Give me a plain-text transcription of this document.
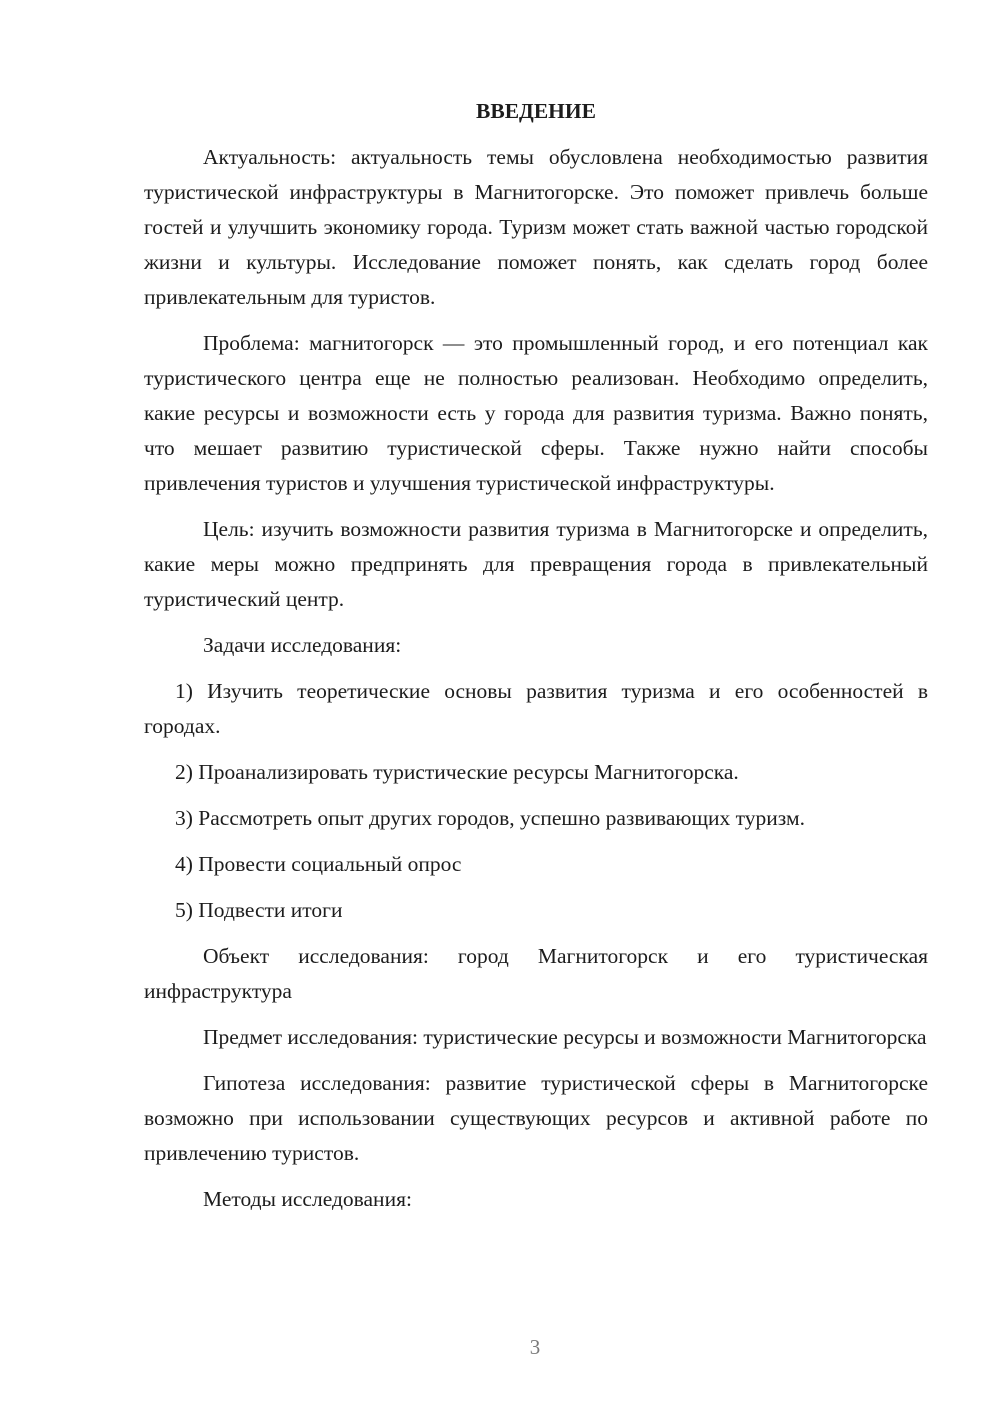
ВВЕДЕНИЕ

Актуальность: актуальность темы обусловлена необходимостью развития туристической инфраструктуры в Магнитогорске. Это поможет привлечь больше гостей и улучшить экономику города. Туризм может стать важной частью городской жизни и культуры. Исследование поможет понять, как сделать город более привлекательным для туристов.

Проблема: магнитогорск — это промышленный город, и его потенциал как туристического центра еще не полностью реализован. Необходимо определить, какие ресурсы и возможности есть у города для развития туризма. Важно понять, что мешает развитию туристической сферы. Также нужно найти способы привлечения туристов и улучшения туристической инфраструктуры.

Цель: изучить возможности развития туризма в Магнитогорске и определить, какие меры можно предпринять для превращения города в привлекательный туристический центр.

Задачи исследования:

1) Изучить теоретические основы развития туризма и его особенностей в городах.

2) Проанализировать туристические ресурсы Магнитогорска.

3) Рассмотреть опыт других городов, успешно развивающих туризм.

4) Провести социальный опрос

5) Подвести итоги

Объект исследования: город Магнитогорск и его туристическая инфраструктура

Предмет исследования: туристические ресурсы и возможности Магнитогорска

Гипотеза исследования: развитие туристической сферы в Магнитогорске возможно при использовании существующих ресурсов и активной работе по привлечению туристов.

Методы исследования:

3
